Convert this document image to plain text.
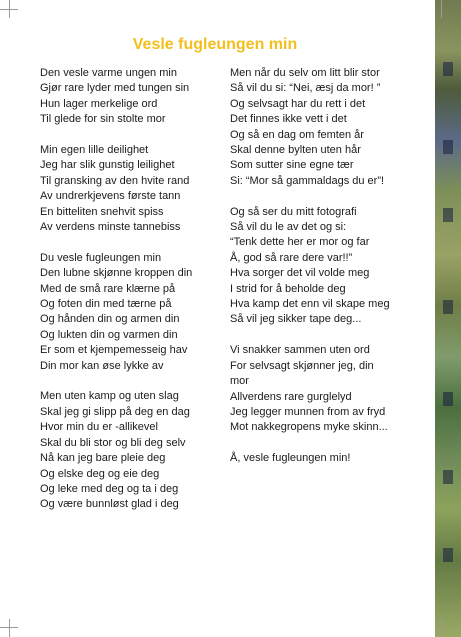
Vesle fugleungen min
Den vesle varme ungen min
Gjør rare lyder med tungen sin
Hun lager merkelige ord
Til glede for sin stolte mor
Min egen lille deilighet
Jeg har slik gunstig leilighet
Til gransking av den hvite rand
Av undrerkjevens første tann
En bitteliten snehvit spiss
Av verdens minste tannebiss
Du vesle fugleungen min
Den lubne skjønne kroppen din
Med de små rare klærne på
Og foten din med tærne på
Og hånden din og armen din
Og lukten din og varmen din
Er som et kjempemesseig hav
Din mor kan øse lykke av
Men uten kamp og uten slag
Skal jeg gi slipp på deg en dag
Hvor min du er -allikevel
Skal du bli stor og bli deg selv
Nå kan jeg bare pleie deg
Og elske deg og eie deg
Og leke med deg og ta i deg
Og være bunnløst glad i deg
Men når du selv om litt blir stor
Så vil du si: “Nei, æsj da mor! ”
Og selvsagt har du rett i det
Det finnes ikke vett i det
Og så en dag om femten år
Skal denne bylten uten hår
Som sutter sine egne tær
Si: “Mor så gammaldags du er”!
Og så ser du mitt fotografi
Så vil du le av det og si:
“Tenk dette her er mor og far
Å, god så rare dere var!!”
Hva sorger det vil volde meg
I strid for å beholde deg
Hva kamp det enn vil skape meg
Så vil jeg sikker tape deg...
Vi snakker sammen uten ord
For selvsagt skjønner jeg, din mor
Allverdens rare gurglelyd
Jeg legger munnen from av fryd
Mot nakkegropens myke skinn...
Å, vesle fugleungen min!
